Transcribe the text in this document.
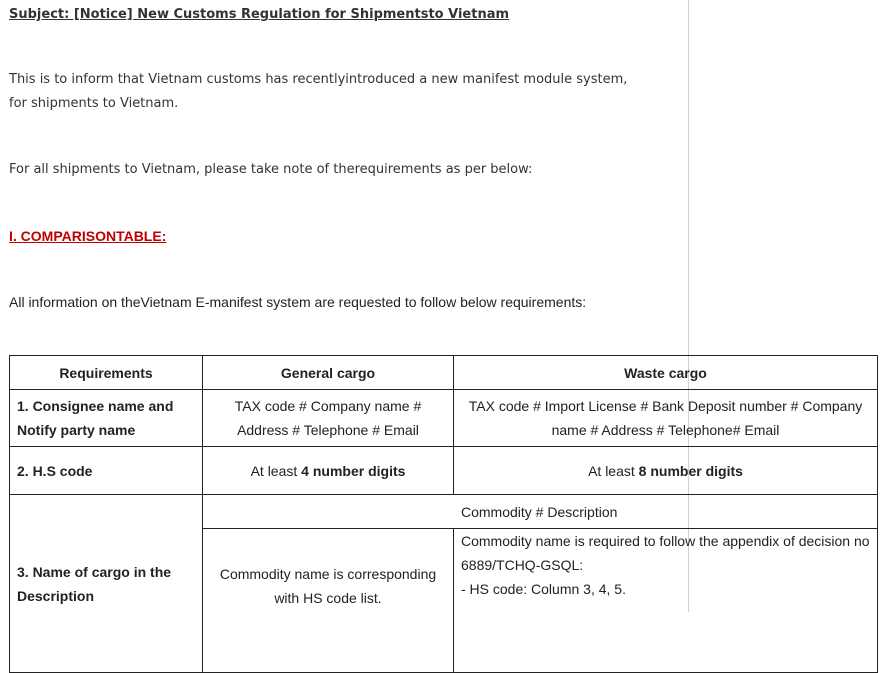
Subject: [Notice] New Customs Regulation for Shipmentsto Vietnam

This is to inform that Vietnam customs has recentlyintroduced a new manifest module system, for shipments to Vietnam.

For all shipments to Vietnam, please take note of therequirements as per below:

I. COMPARISONTABLE:

All information on theVietnam E-manifest system are requested to follow below requirements:

Requirements	General cargo	Waste cargo
1. Consignee name and Notify party name	TAX code # Company name # Address # Telephone # Email	TAX code # Import License # Bank Deposit number # Company name # Address # Telephone# Email
2. H.S code	At least 4 number digits	At least 8 number digits
3. Name of cargo in the Description	Commodity # Description	
	Commodity name is corresponding with HS code list.	Commodity name is required to follow the appendix of decision no 6889/TCHQ-GSQL:
- HS code: Column 3, 4, 5.
